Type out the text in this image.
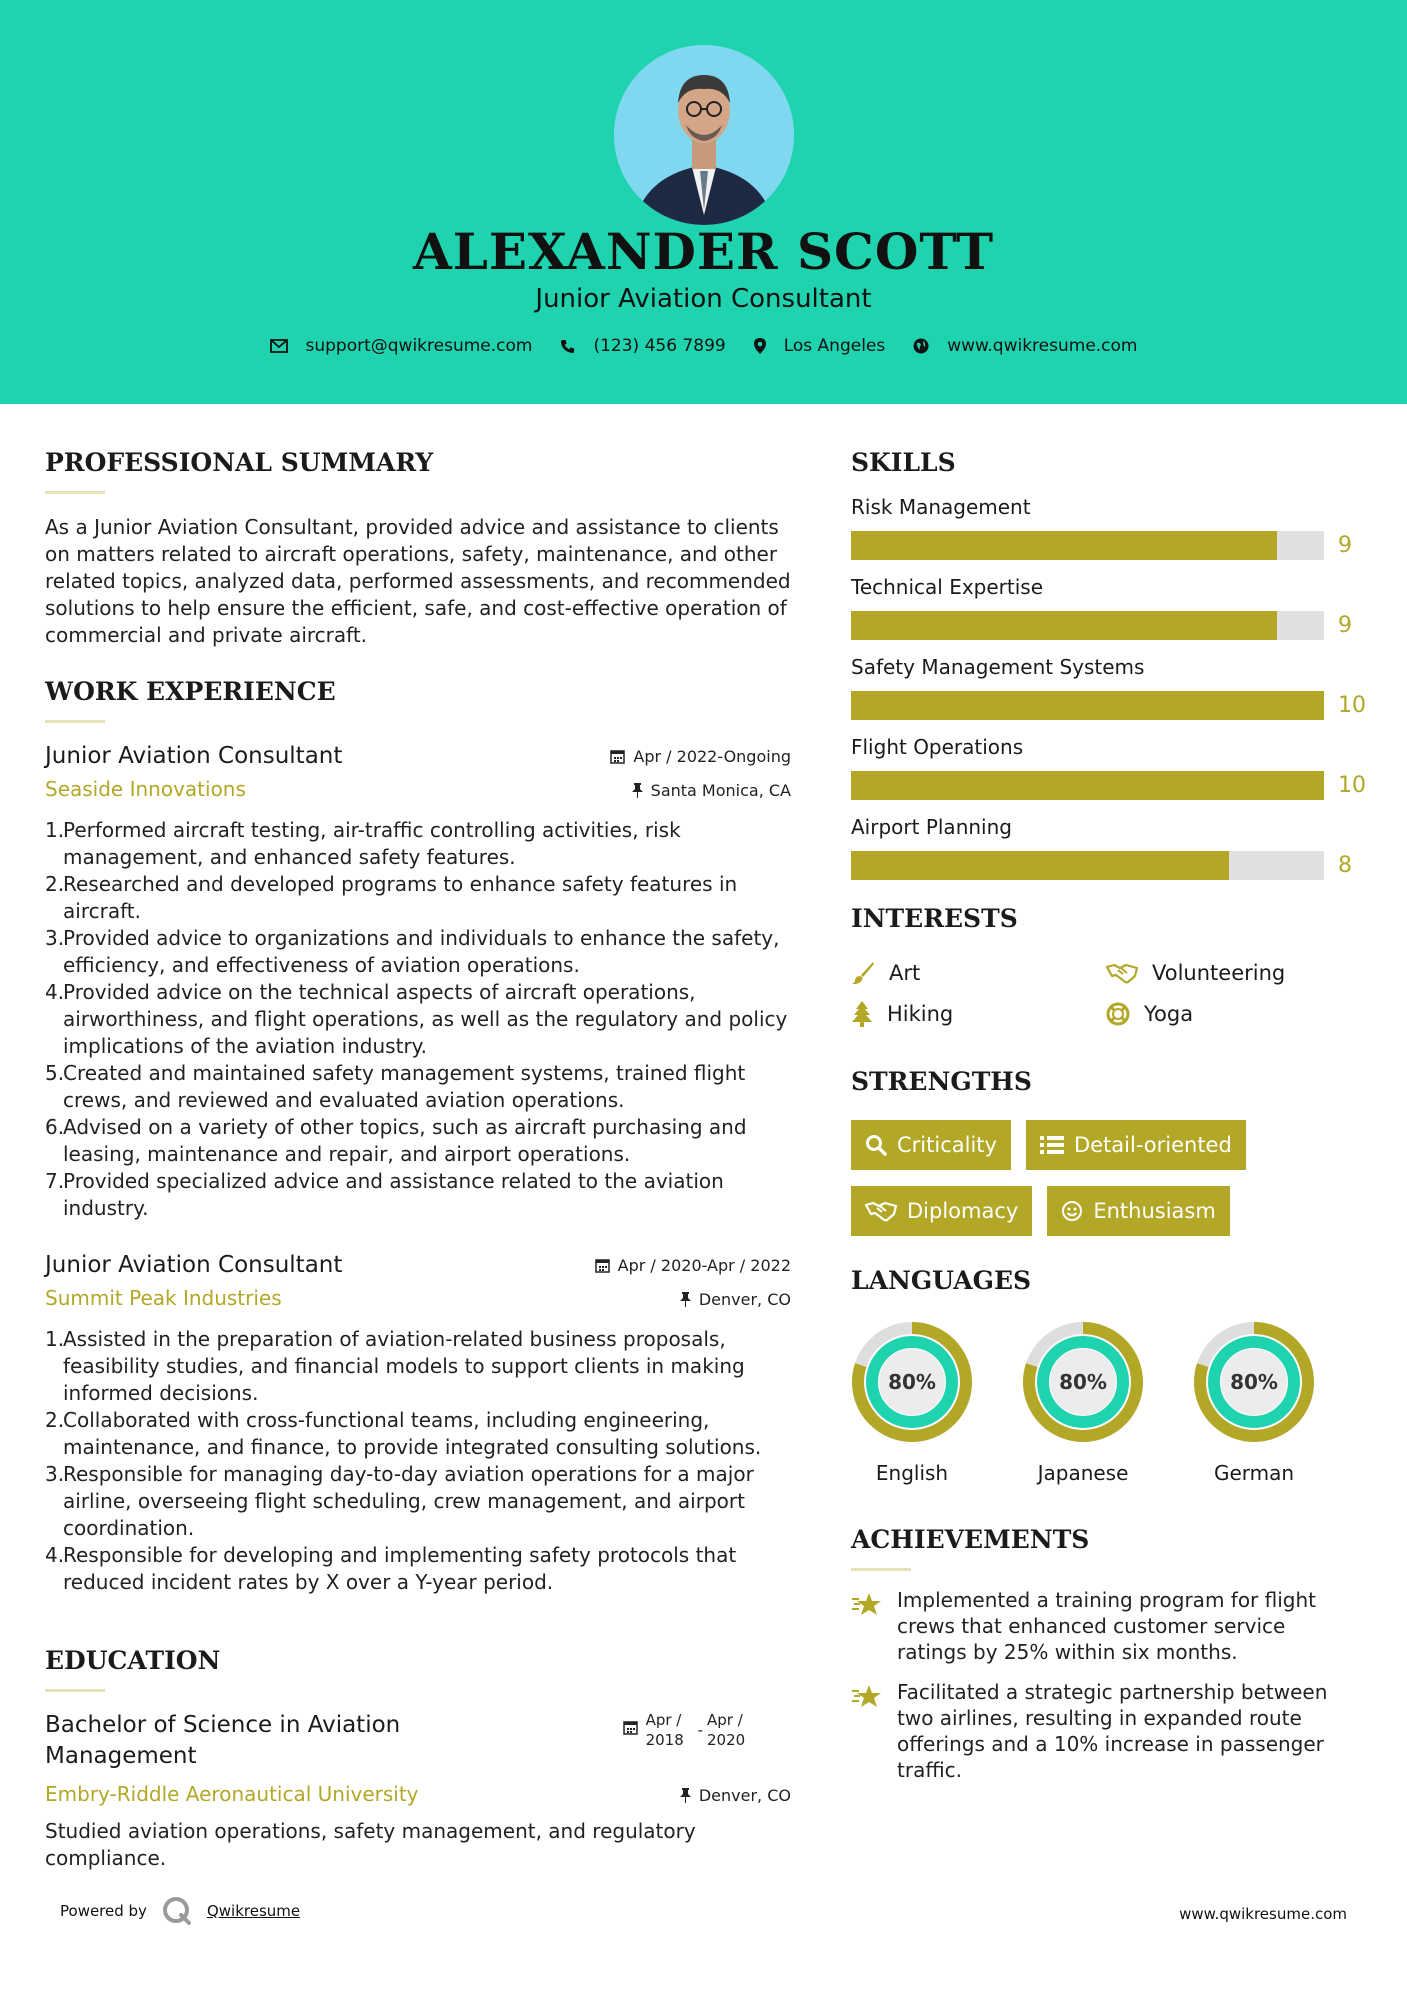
ALEXANDER SCOTT
Junior Aviation Consultant
support@qwikresume.com	(123) 456 7899	Los Angeles	www.qwikresume.com
PROFESSIONAL SUMMARY
As a Junior Aviation Consultant, provided advice and assistance to clients on matters related to aircraft operations, safety, maintenance, and other related topics, analyzed data, performed assessments, and recommended solutions to help ensure the efficient, safe, and cost-effective operation of commercial and private aircraft.
WORK EXPERIENCE
Junior Aviation Consultant	Apr / 2022-Ongoing
Seaside Innovations	Santa Monica, CA
1.
Performed aircraft testing, air-traffic controlling activities, risk management, and enhanced safety features.
2.
Researched and developed programs to enhance safety features in aircraft.
3.
Provided advice to organizations and individuals to enhance the safety, efficiency, and effectiveness of aviation operations.
4.
Provided advice on the technical aspects of aircraft operations, airworthiness, and flight operations, as well as the regulatory and policy implications of the aviation industry.
5.
Created and maintained safety management systems, trained flight crews, and reviewed and evaluated aviation operations.
6.
Advised on a variety of other topics, such as aircraft purchasing and leasing, maintenance and repair, and airport operations.
7.
Provided specialized advice and assistance related to the aviation industry.
Junior Aviation Consultant	Apr / 2020-Apr / 2022
Summit Peak Industries	Denver, CO
1.
Assisted in the preparation of aviation-related business proposals, feasibility studies, and financial models to support clients in making informed decisions.
2.
Collaborated with cross-functional teams, including engineering, maintenance, and finance, to provide integrated consulting solutions.
3.
Responsible for managing day-to-day aviation operations for a major airline, overseeing flight scheduling, crew management, and airport coordination.
4.
Responsible for developing and implementing safety protocols that reduced incident rates by X over a Y-year period.
EDUCATION
Bachelor of Science in Aviation Management
Apr / 2018
-
Apr / 2020
Embry-Riddle Aeronautical University	Denver, CO
Studied aviation operations, safety management, and regulatory compliance.
SKILLS
Risk Management
9
Technical Expertise
9
Safety Management Systems
10
Flight Operations
10
Airport Planning
8
INTERESTS
Art	Volunteering
Hiking	Yoga
STRENGTHS
Criticality	Detail-oriented
Diplomacy	Enthusiasm
LANGUAGES
80%
English
80%
Japanese
80%
German
ACHIEVEMENTS
Implemented a training program for flight crews that enhanced customer service ratings by 25% within six months.
Facilitated a strategic partnership between two airlines, resulting in expanded route offerings and a 10% increase in passenger traffic.
Powered by	Qwikresume	www.qwikresume.com
